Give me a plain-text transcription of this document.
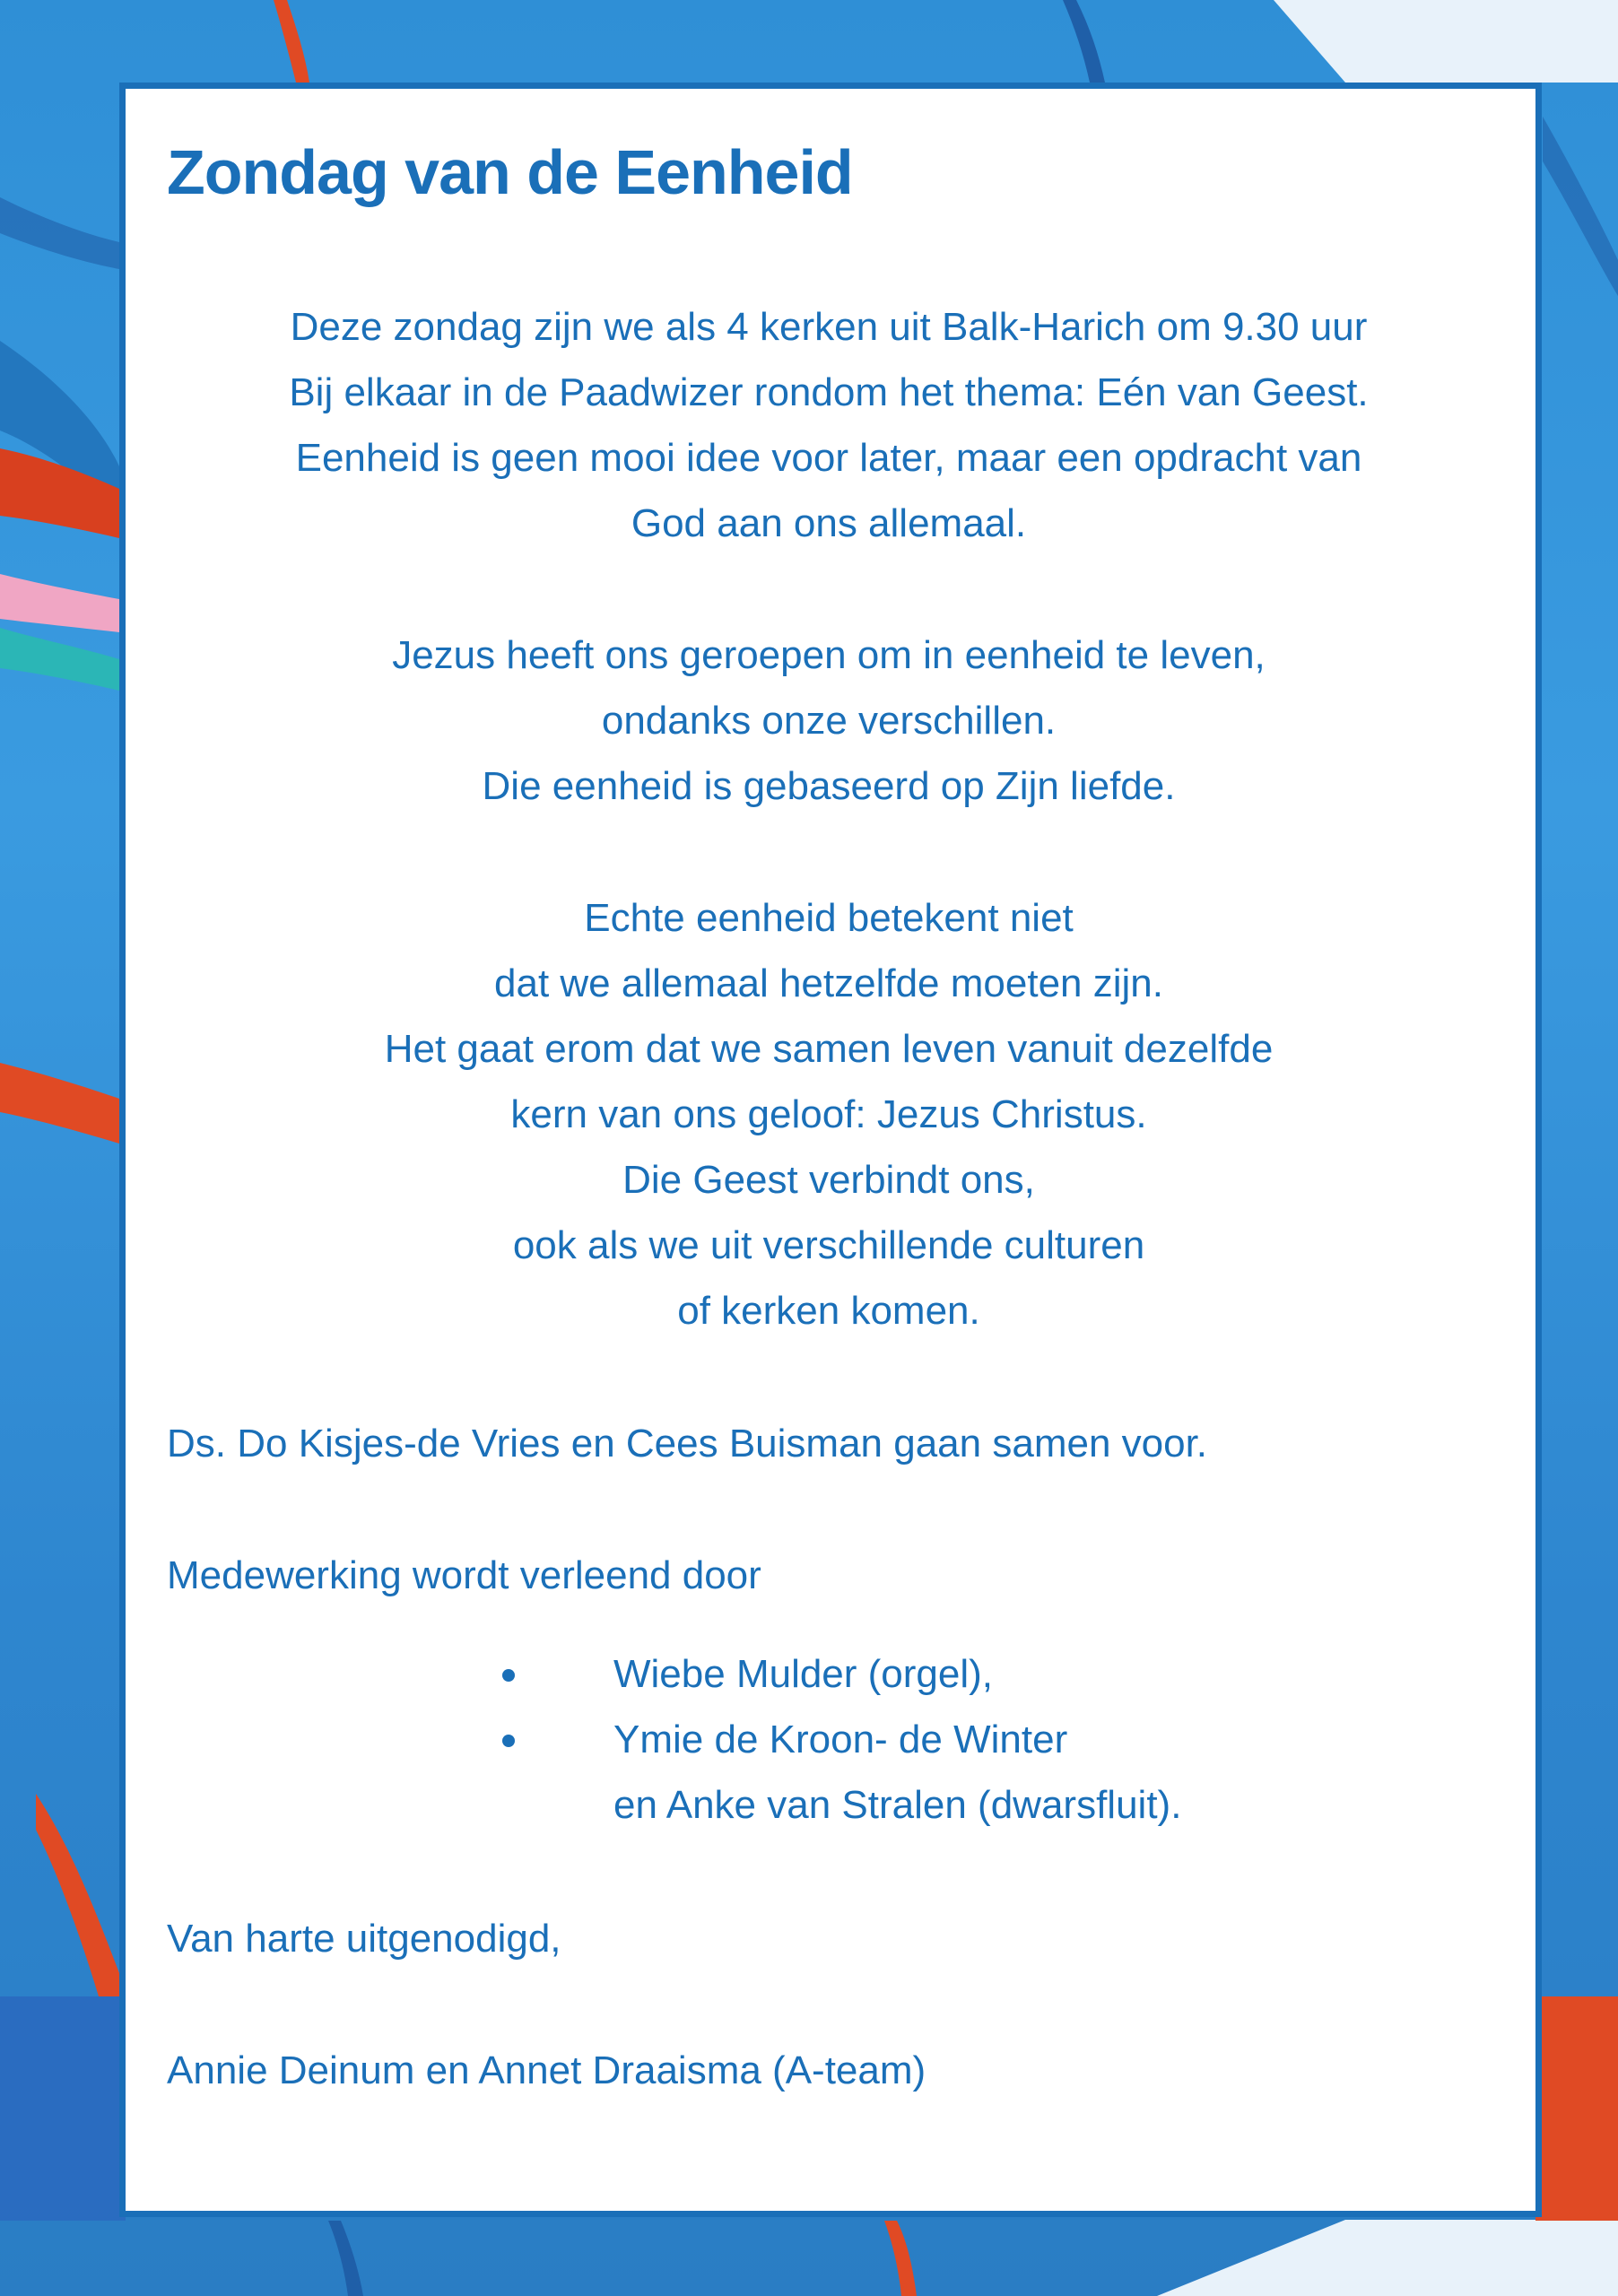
Zondag van de Eenheid

Deze zondag zijn we als 4 kerken uit Balk-Harich om 9.30 uur

Bij elkaar in de Paadwizer rondom het thema: Eén van Geest.

Eenheid is geen mooi idee voor later, maar een opdracht van

God aan ons allemaal.

Jezus heeft ons geroepen om in eenheid te leven,

ondanks onze verschillen.

Die eenheid is gebaseerd op Zijn liefde.

Echte eenheid betekent niet

dat we allemaal hetzelfde moeten zijn.

Het gaat erom dat we samen leven vanuit dezelfde

kern van ons geloof: Jezus Christus.

Die Geest verbindt ons,

ook als we uit verschillende culturen

of kerken komen.

Ds. Do Kisjes-de Vries en Cees Buisman gaan samen voor.

Medewerking wordt verleend door

Wiebe Mulder (orgel),

Ymie de Kroon- de Winter

en Anke van Stralen (dwarsfluit).

Van harte uitgenodigd,

Annie Deinum en Annet Draaisma (A-team)
